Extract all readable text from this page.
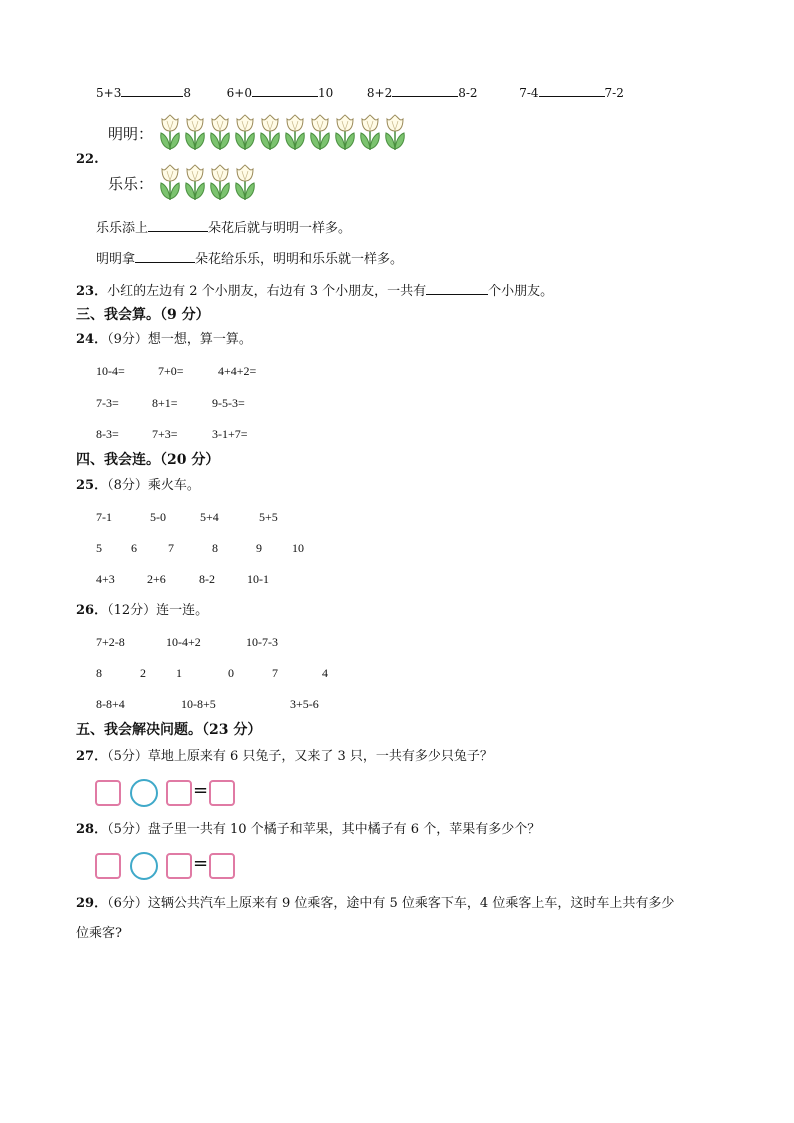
5+3	8	6+0	10	8+2	8-2	7-4	7-2
明明：
22.
乐乐：
乐乐添上	朵花后就与明明一样多。
明明拿	朵花给乐乐，明明和乐乐就一样多。
23．小红的左边有 2 个小朋友，右边有 3 个小朋友，一共有	个小朋友。
三、我会算。（9 分）
24．（9分）想一想，算一算。
10-4=	7+0=	4+4+2=
7-3=	8+1=	9-5-3=
8-3=	7+3=	3-1+7=
四、我会连。（20 分）
25．（8分）乘火车。
7-1	5-0	5+4	5+5
5 6	7	8	9	10
4+3	2+6	8-2	10-1
26．（12分）连一连。
7+2-8	10-4+2	10-7-3
8	2	1	0	7	4
8-8+4	10-8+5	3+5-6
五、我会解决问题。（23 分）
27．（5分）草地上原来有 6 只兔子，又来了 3 只，一共有多少只兔子？
=
28．（5分）盘子里一共有 10 个橘子和苹果，其中橘子有 6 个，苹果有多少个？
=
29．（6分）这辆公共汽车上原来有 9 位乘客，途中有 5 位乘客下车，4 位乘客上车，这时车上共有多少
位乘客?
